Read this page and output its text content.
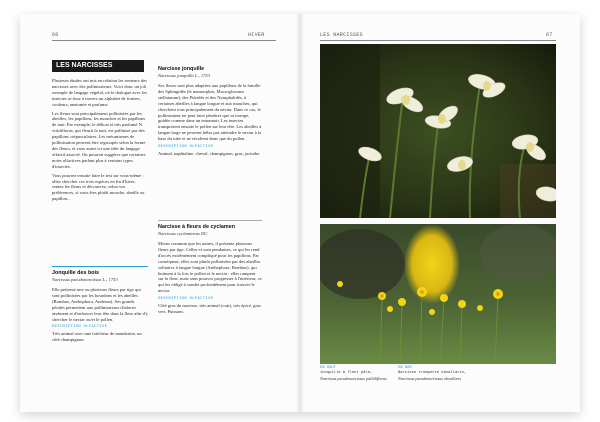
66	HIVER
LES NARCISSES

Plusieurs études ont mis en relation les senteurs des narcisses avec des pollinisateurs. Voici donc un joli exemple de langage végétal, où le dialogue avec les insectes se tisse à travers un alphabet de formes, couleurs, anatomie et parfums.

Les fleurs sont principalement pollinisées par les abeilles, les papillons, les mouches et les papillons de nuit. Par exemple, le délicat et très parfumé N. viridiflorus, qui fleurit la nuit, est pollinisé par des papillons crépusculaires. Les mécanismes de pollinisation peuvent être regroupés selon la forme des fleurs, et vous aurez ici une idée du langage olfactif associé. On pourrait suggérer que certaines notes olfactives parlent plus à certains types d'insectes.

Vous pourrez ensuite faire le test sur vous-même : allez chercher ces trois espèces en fin d'hiver, sentez les fleurs et découvrez, selon vos préférences, si vous êtes plutôt mouche, abeille ou papillon...

Jonquille des bois
Narcissus pseudonarcissus L., 1753

Elle présente une ou plusieurs fleurs par tige qui sont pollinisées par les bourdons et les abeilles (Bombus, Anthophora, Andrena). Ses grands pétales permettent aux pollinisateurs d'atterrir aisément et d'enfoncer leur tête dans la fleur afin d'y chercher le nectar ou/et le pollen.

DESCRIPTION OLFACTIVE

Très animal avec une fraîcheur de mandarine, un côté champignon.

Narcisse jonquille
Narcissus jonquilla L., 1753

Ses fleurs sont plus adaptées aux papillons de la famille des Sphingidés (le mamorphes, Macroglossum stellatarum), des Piéridés et des Nymphalidés, à certaines abeilles à langue longue et aux mouches, qui cherchent tous principalement du nectar. Dans ce cas, le pollinisateur ne peut faire pénétrer que sa trompe, guidée comme dans un entonnoir. Les insectes transportent ensuite le pollen sur leur tête. Les abeilles à langue large ne peuvent hélas pas atteindre le nectar à la base du tube et ne récoltent donc que du pollen.

DESCRIPTION OLFACTIVE

Animal, naphtaline, cheval, champignon, gras, jacinthe.

Narcisse à fleurs de cyclamen
Narcissus cyclamineus DC.

Moins commun que les autres, il présente plusieurs fleurs par tige. Celles-ci sont pendantes, ce qui les rend d'accès extrêmement compliqué pour les papillons. Par conséquent, elles sont plutôt pollinisées par des abeilles solitaires à langue longue (Anthophora, Bombus), qui butinent à la fois le pollen et le nectar : elles rampent sur la fleur, mais sans pouvoir progresser à l'intérieur, ce qui les oblige à sonder profondément pour trouver le nectar.

DESCRIPTION OLFACTIVE

Côté gras du narcisse, très animal (cuir), très épicé, gras vert. Puissant.

LES NARCISSES	67
EN HAUT
Jonquille à fleur pâle,
Narcissus pseudonarcissus pallidiflorus
EN BAS
Narcisse trompette obvallaris,
Narcissus pseudonarcissus obvallaris
